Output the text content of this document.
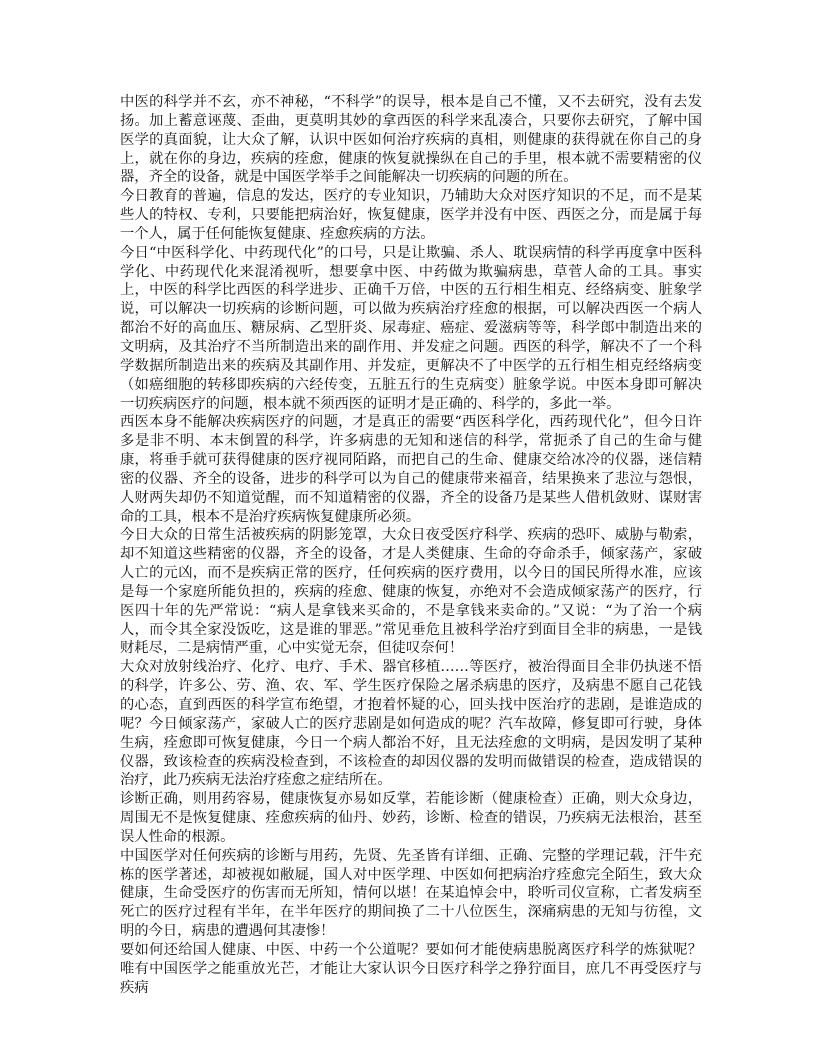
中医的科学并不玄，亦不神秘，“不科学”的误导，根本是自己不懂，又不去研究，没有去发扬。加上蓄意诬蔑、歪曲，更莫明其妙的拿西医的科学来乱凑合，只要你去研究，了解中国医学的真面貌，让大众了解，认识中医如何治疗疾病的真相，则健康的获得就在你自己的身上，就在你的身边，疾病的痊愈，健康的恢复就操纵在自己的手里，根本就不需要精密的仪器，齐全的设备，就是中国医学举手之间能解决一切疾病的问题的所在。

今日教育的普遍，信息的发达，医疗的专业知识，乃辅助大众对医疗知识的不足，而不是某些人的特权、专利，只要能把病治好，恢复健康，医学并没有中医、西医之分，而是属于每一个人，属于任何能恢复健康、痊愈疾病的方法。

今日“中医科学化、中药现代化”的口号，只是让欺骗、杀人、耽误病情的科学再度拿中医科学化、中药现代化来混淆视听，想要拿中医、中药做为欺骗病患，草菅人命的工具。事实上，中医的科学比西医的科学进步、正确千万倍，中医的五行相生相克、经络病变、脏象学说，可以解决一切疾病的诊断问题，可以做为疾病治疗痊愈的根据，可以解决西医一个病人都治不好的高血压、糖尿病、乙型肝炎、尿毒症、癌症、爱滋病等等，科学郎中制造出来的文明病，及其治疗不当所制造出来的副作用、并发症之问题。西医的科学，解决不了一个科学数据所制造出来的疾病及其副作用、并发症，更解决不了中医学的五行相生相克经络病变（如癌细胞的转移即疾病的六经传变，五脏五行的生克病变）脏象学说。中医本身即可解决一切疾病医疗的问题，根本就不须西医的证明才是正确的、科学的，多此一举。

西医本身不能解决疾病医疗的问题，才是真正的需要“西医科学化，西药现代化”，但今日许多是非不明、本末倒置的科学，许多病患的无知和迷信的科学，常扼杀了自己的生命与健康，将垂手就可获得健康的医疗视同陌路，而把自己的生命、健康交给冰冷的仪器，迷信精密的仪器、齐全的设备，进步的科学可以为自己的健康带来福音，结果换来了悲泣与怨恨，人财两失却仍不知道觉醒，而不知道精密的仪器，齐全的设备乃是某些人借机敛财、谋财害命的工具，根本不是治疗疾病恢复健康所必须。

今日大众的日常生活被疾病的阴影笼罩，大众日夜受医疗科学、疾病的恐吓、威胁与勒索，却不知道这些精密的仪器，齐全的设备，才是人类健康、生命的夺命杀手，倾家荡产，家破人亡的元凶，而不是疾病正常的医疗，任何疾病的医疗费用，以今日的国民所得水准，应该是每一个家庭所能负担的，疾病的痊愈、健康的恢复，亦绝对不会造成倾家荡产的医疗，行医四十年的先严常说：“病人是拿钱来买命的，不是拿钱来卖命的。”又说：“为了治一个病人，而令其全家没饭吃，这是谁的罪恶。”常见垂危且被科学治疗到面目全非的病患，一是钱财耗尽，二是病情严重，心中实觉无奈，但徒叹奈何！

大众对放射线治疗、化疗、电疗、手术、器官移植……等医疗，被治得面目全非仍执迷不悟的科学，许多公、劳、渔、农、军、学生医疗保险之屠杀病患的医疗，及病患不愿自己花钱的心态，直到西医的科学宣布绝望，才抱着怀疑的心，回头找中医治疗的悲剧，是谁造成的呢？今日倾家荡产，家破人亡的医疗悲剧是如何造成的呢？汽车故障，修复即可行驶，身体生病，痊愈即可恢复健康，今日一个病人都治不好，且无法痊愈的文明病，是因发明了某种仪器，致该检查的疾病没检查到，不该检查的却因仪器的发明而做错误的检查，造成错误的治疗，此乃疾病无法治疗痊愈之症结所在。

诊断正确，则用药容易，健康恢复亦易如反掌，若能诊断（健康检查）正确，则大众身边，周围无不是恢复健康、痊愈疾病的仙丹、妙药，诊断、检查的错误，乃疾病无法根治，甚至误人性命的根源。

中国医学对任何疾病的诊断与用药，先贤、先圣皆有详细、正确、完整的学理记载，汗牛充栋的医学著述，却被视如敝屣，国人对中医学理、中医如何把病治疗痊愈完全陌生，致大众健康，生命受医疗的伤害而无所知，情何以堪！在某追悼会中，聆听司仪宣称，亡者发病至死亡的医疗过程有半年，在半年医疗的期间换了二十八位医生，深痛病患的无知与彷徨，文明的今日，病患的遭遇何其凄惨！

要如何还给国人健康、中医、中药一个公道呢？要如何才能使病患脱离医疗科学的炼狱呢？唯有中国医学之能重放光芒，才能让大家认识今日医疗科学之狰狞面目，庶几不再受医疗与疾病
